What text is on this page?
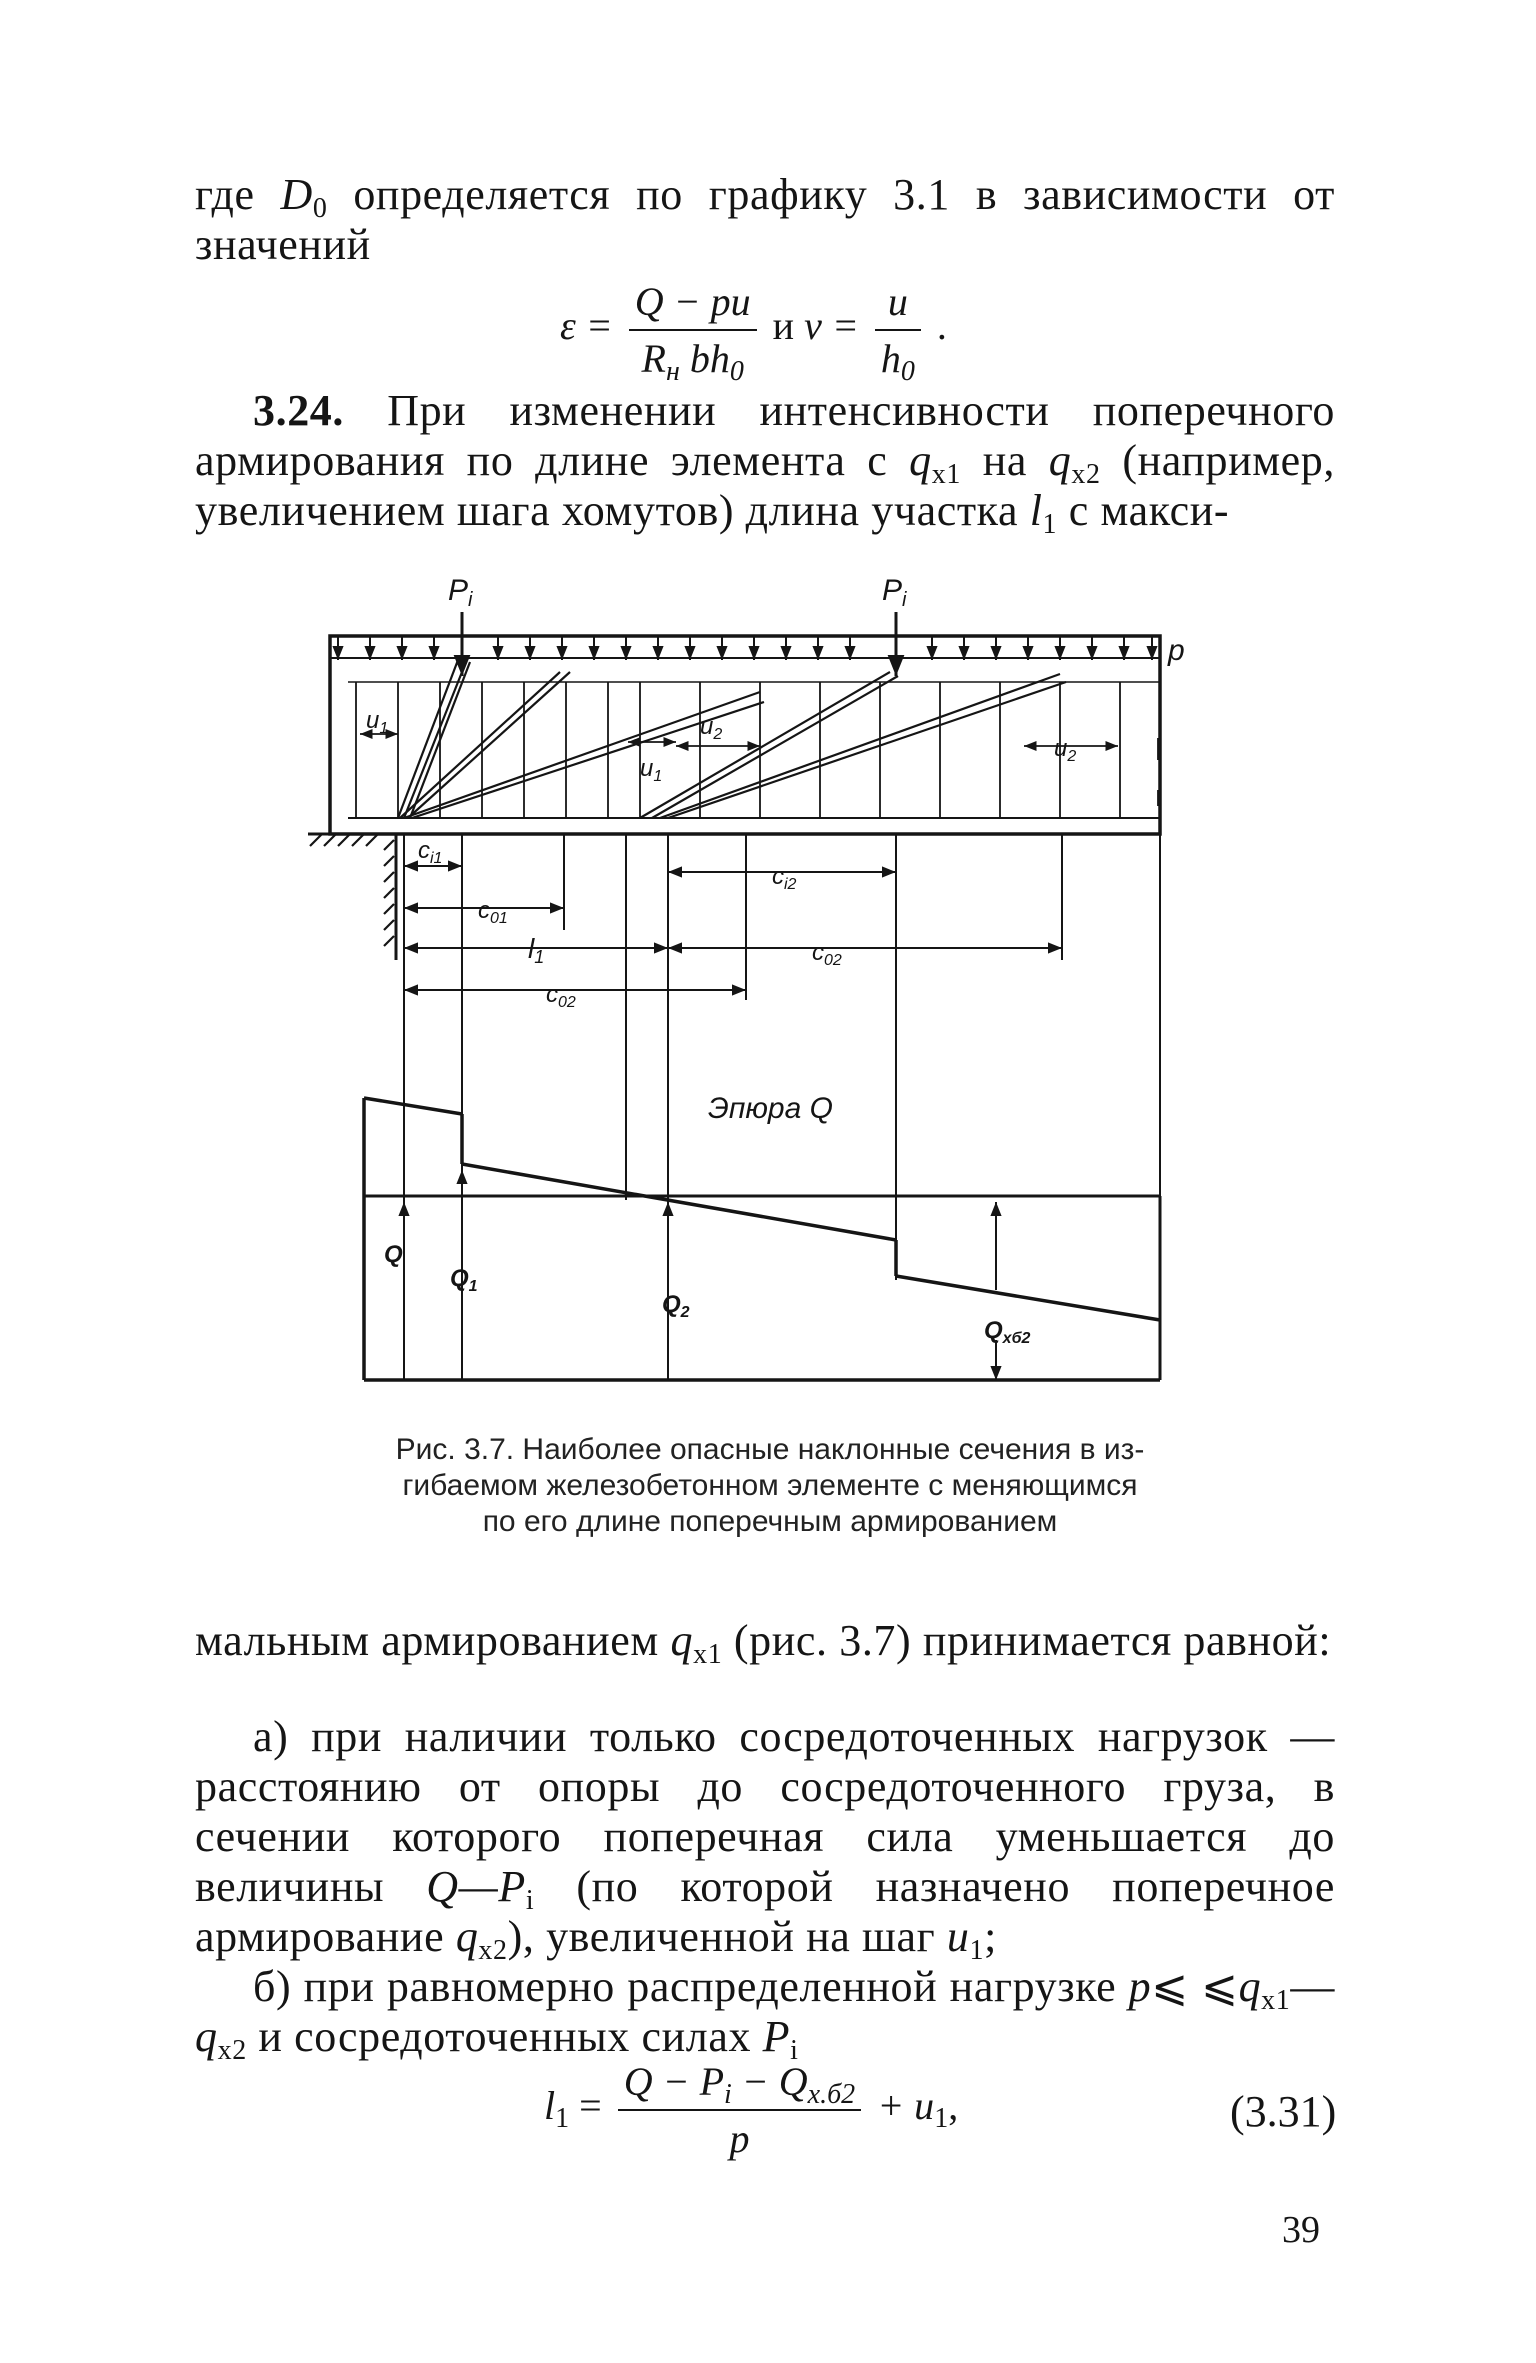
где $D_0$ определяется по графику 3.1 в зависимости от значений
$\varepsilon = \frac{Q - pu}{R_н bh_0}$ и $v = \frac{u}{h_0}$ .
3.24. При изменении интенсивности поперечного армирования по длине элемента с $q_{x1}$ на $q_{x2}$ (например, увеличением шага хомутов) длина участка $l_1$ с макси-
$P_i$	$P_i$
p
$u_1$
$u_1$
$u_2$
$u_2$
$c_{i1}$
$c_{01}$
$c_{i2}$
l1	$c_{02}$
$c_{02}$
Эпюра Q
Q
$Q_1$
$Q_2$
$Q_{xб2}$
Рис. 3.7. Наиболее опасные наклонные сечения в из-
гибаемом железобетонном элементе с меняющимся
по его длине поперечным армированием
мальным армированием $q_{x1}$ (рис. 3.7) принимается равной:
а) при наличии только сосредоточенных нагрузок — расстоянию от опоры до сосредоточенного груза, в сечении которого поперечная сила уменьшается до величины $Q—P_i$ (по которой назначено поперечное армирование $q_{x2}$), увеличенной на шаг $u_1$;
б) при равномерно распределенной нагрузке p⩽ $⩽q_{x1}—q_{x2}$ и сосредоточенных силах $P_i$
$l_1 = \frac{Q - P_i - Q_{x.б2}}{p} + u_1$,	(3.31)
39
